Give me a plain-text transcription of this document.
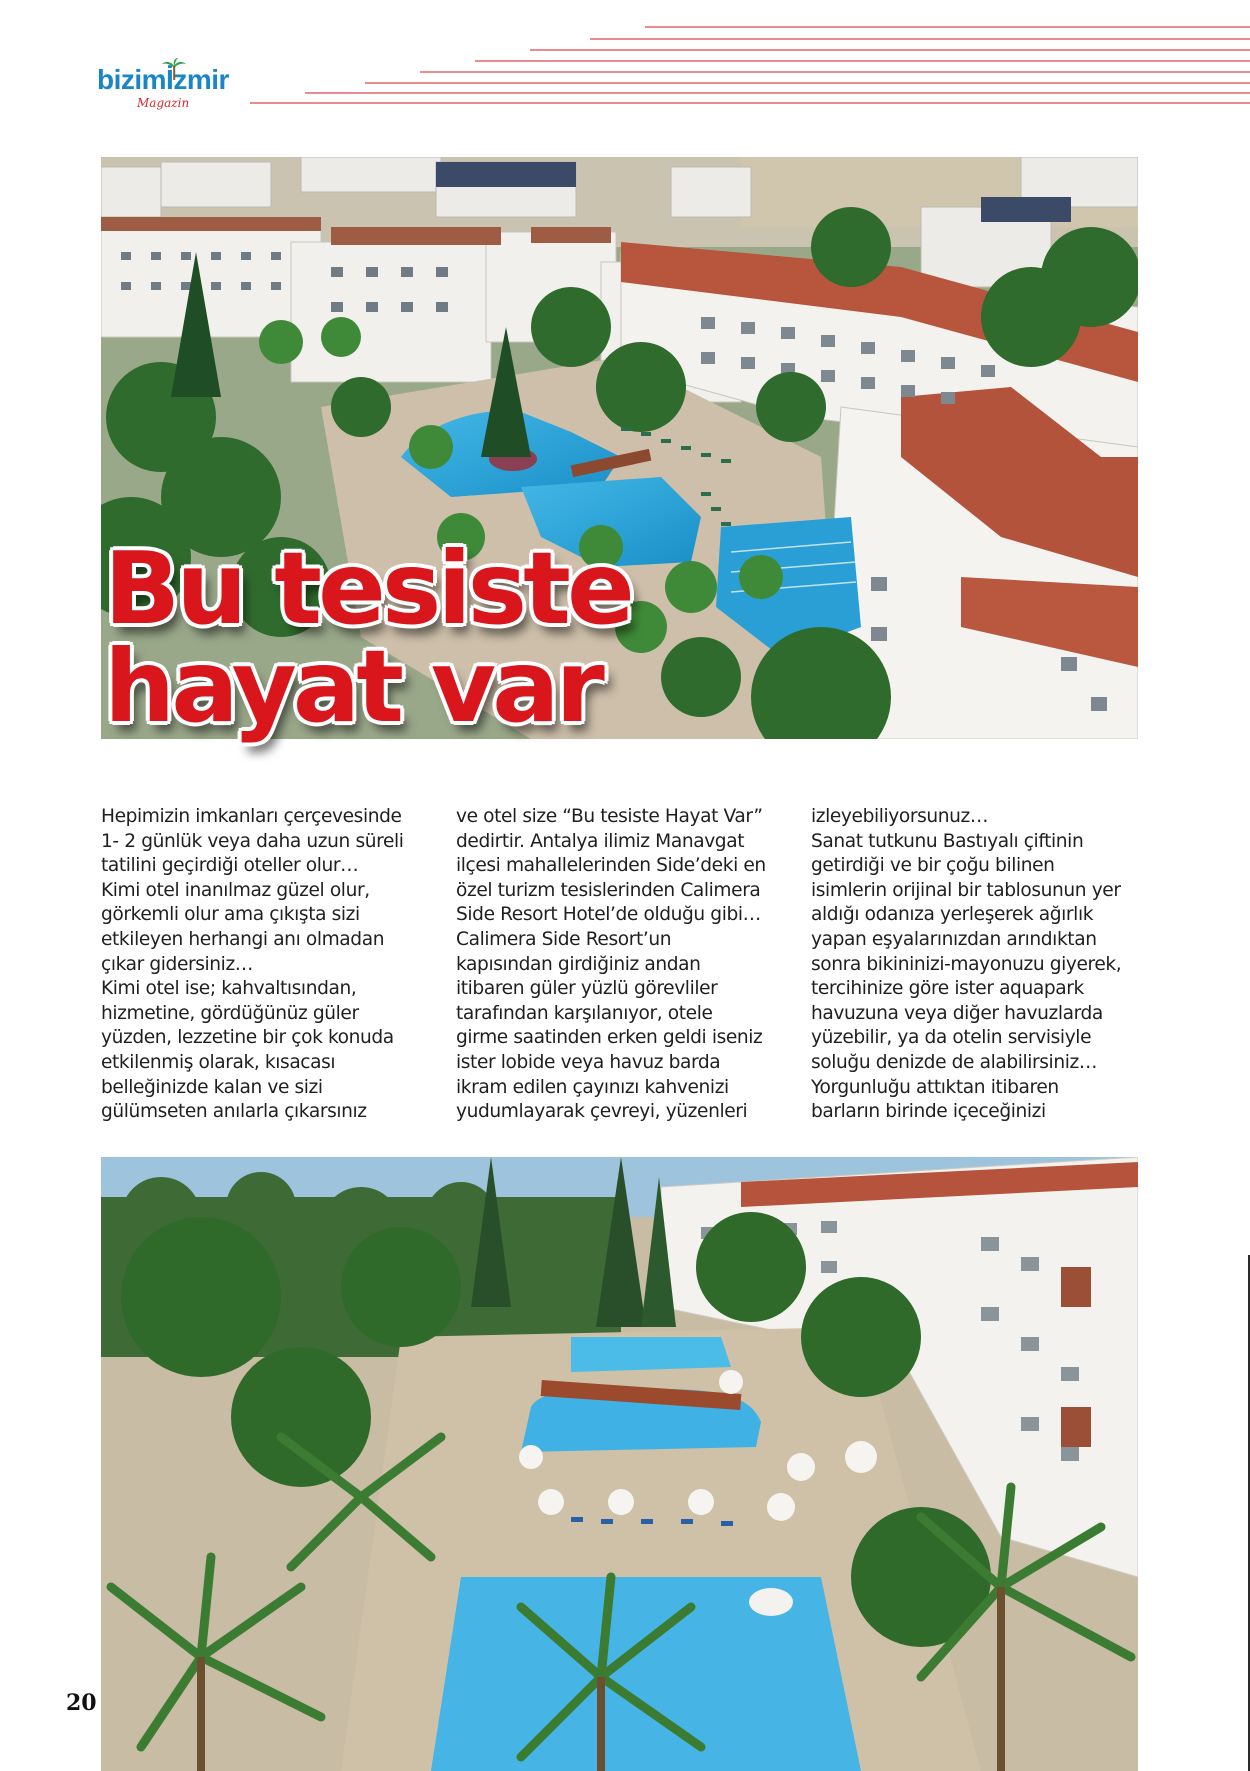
bizimİzmir
Magazin
Bu tesiste
hayat var

Hepimizin imkanları çerçevesinde

1- 2 günlük veya daha uzun süreli

tatilini geçirdiği oteller olur…

Kimi otel inanılmaz güzel olur,

görkemli olur ama çıkışta sizi

etkileyen herhangi anı olmadan

çıkar gidersiniz…

Kimi otel ise; kahvaltısından,

hizmetine, gördüğünüz güler

yüzden, lezzetine bir çok konuda

etkilenmiş olarak, kısacası

belleğinizde kalan ve sizi

gülümseten anılarla çıkarsınız

ve otel size “Bu tesiste Hayat Var”

dedirtir. Antalya ilimiz Manavgat

ilçesi mahallelerinden Side’deki en

özel turizm tesislerinden Calimera

Side Resort Hotel’de olduğu gibi…

Calimera Side Resort’un

kapısından girdiğiniz andan

itibaren güler yüzlü görevliler

tarafından karşılanıyor, otele

girme saatinden erken geldi iseniz

ister lobide veya havuz barda

ikram edilen çayınızı kahvenizi

yudumlayarak çevreyi, yüzenleri

izleyebiliyorsunuz…

Sanat tutkunu Bastıyalı çiftinin

getirdiği ve bir çoğu bilinen

isimlerin orijinal bir tablosunun yer

aldığı odanıza yerleşerek ağırlık

yapan eşyalarınızdan arındıktan

sonra bikininizi-mayonuzu giyerek,

tercihinize göre ister aquapark

havuzuna veya diğer havuzlarda

yüzebilir, ya da otelin servisiyle

soluğu denizde de alabilirsiniz…

Yorgunluğu attıktan itibaren

barların birinde içeceğinizi

20
